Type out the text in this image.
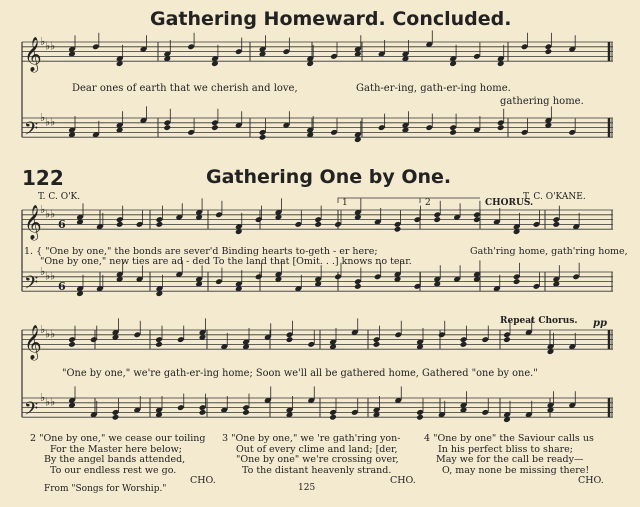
Gathering Homeward. Concluded.
122	Gathering One by One.
Dear ones of earth that we cherish and love,	Gath-er-ing, gath-er-ing home.
gathering home.
T. C. O'K.	T. C. O'KANE.
CHORUS.
1	2
1. { "One by one," the bonds are sever'd Binding hearts to-geth - er here;
"One by one," new ties are ad - ded To the land that [Omit. . .] knows no tear.
Gath'ring home, gath'ring home,
Repeat Chorus. pp
"One by one," we're gath-er-ing home; Soon we'll all be gathered home, Gathered "one by one."
2 "One by one," we cease our toiling
For the Master here below;
By the angel bands attended,
To our endless rest we go.
CHO.
3 "One by one," we 're gath'ring yon-
Out of every clime and land; [der,
"One by one" we're crossing over,
To the distant heavenly strand.
CHO.
4 "One by one" the Saviour calls us
In his perfect bliss to share;
May we for the call be ready—
O, may none be missing there!
CHO.
From "Songs for Worship."	125
𝄞
𝄢
♭ ♭ ♭
♭ ♭ ♭
𝄞
𝄢
♭ ♭ ♭
♭ ♭ ♭
6
6
𝄞
𝄢
♭ ♭ ♭
♭ ♭ ♭
